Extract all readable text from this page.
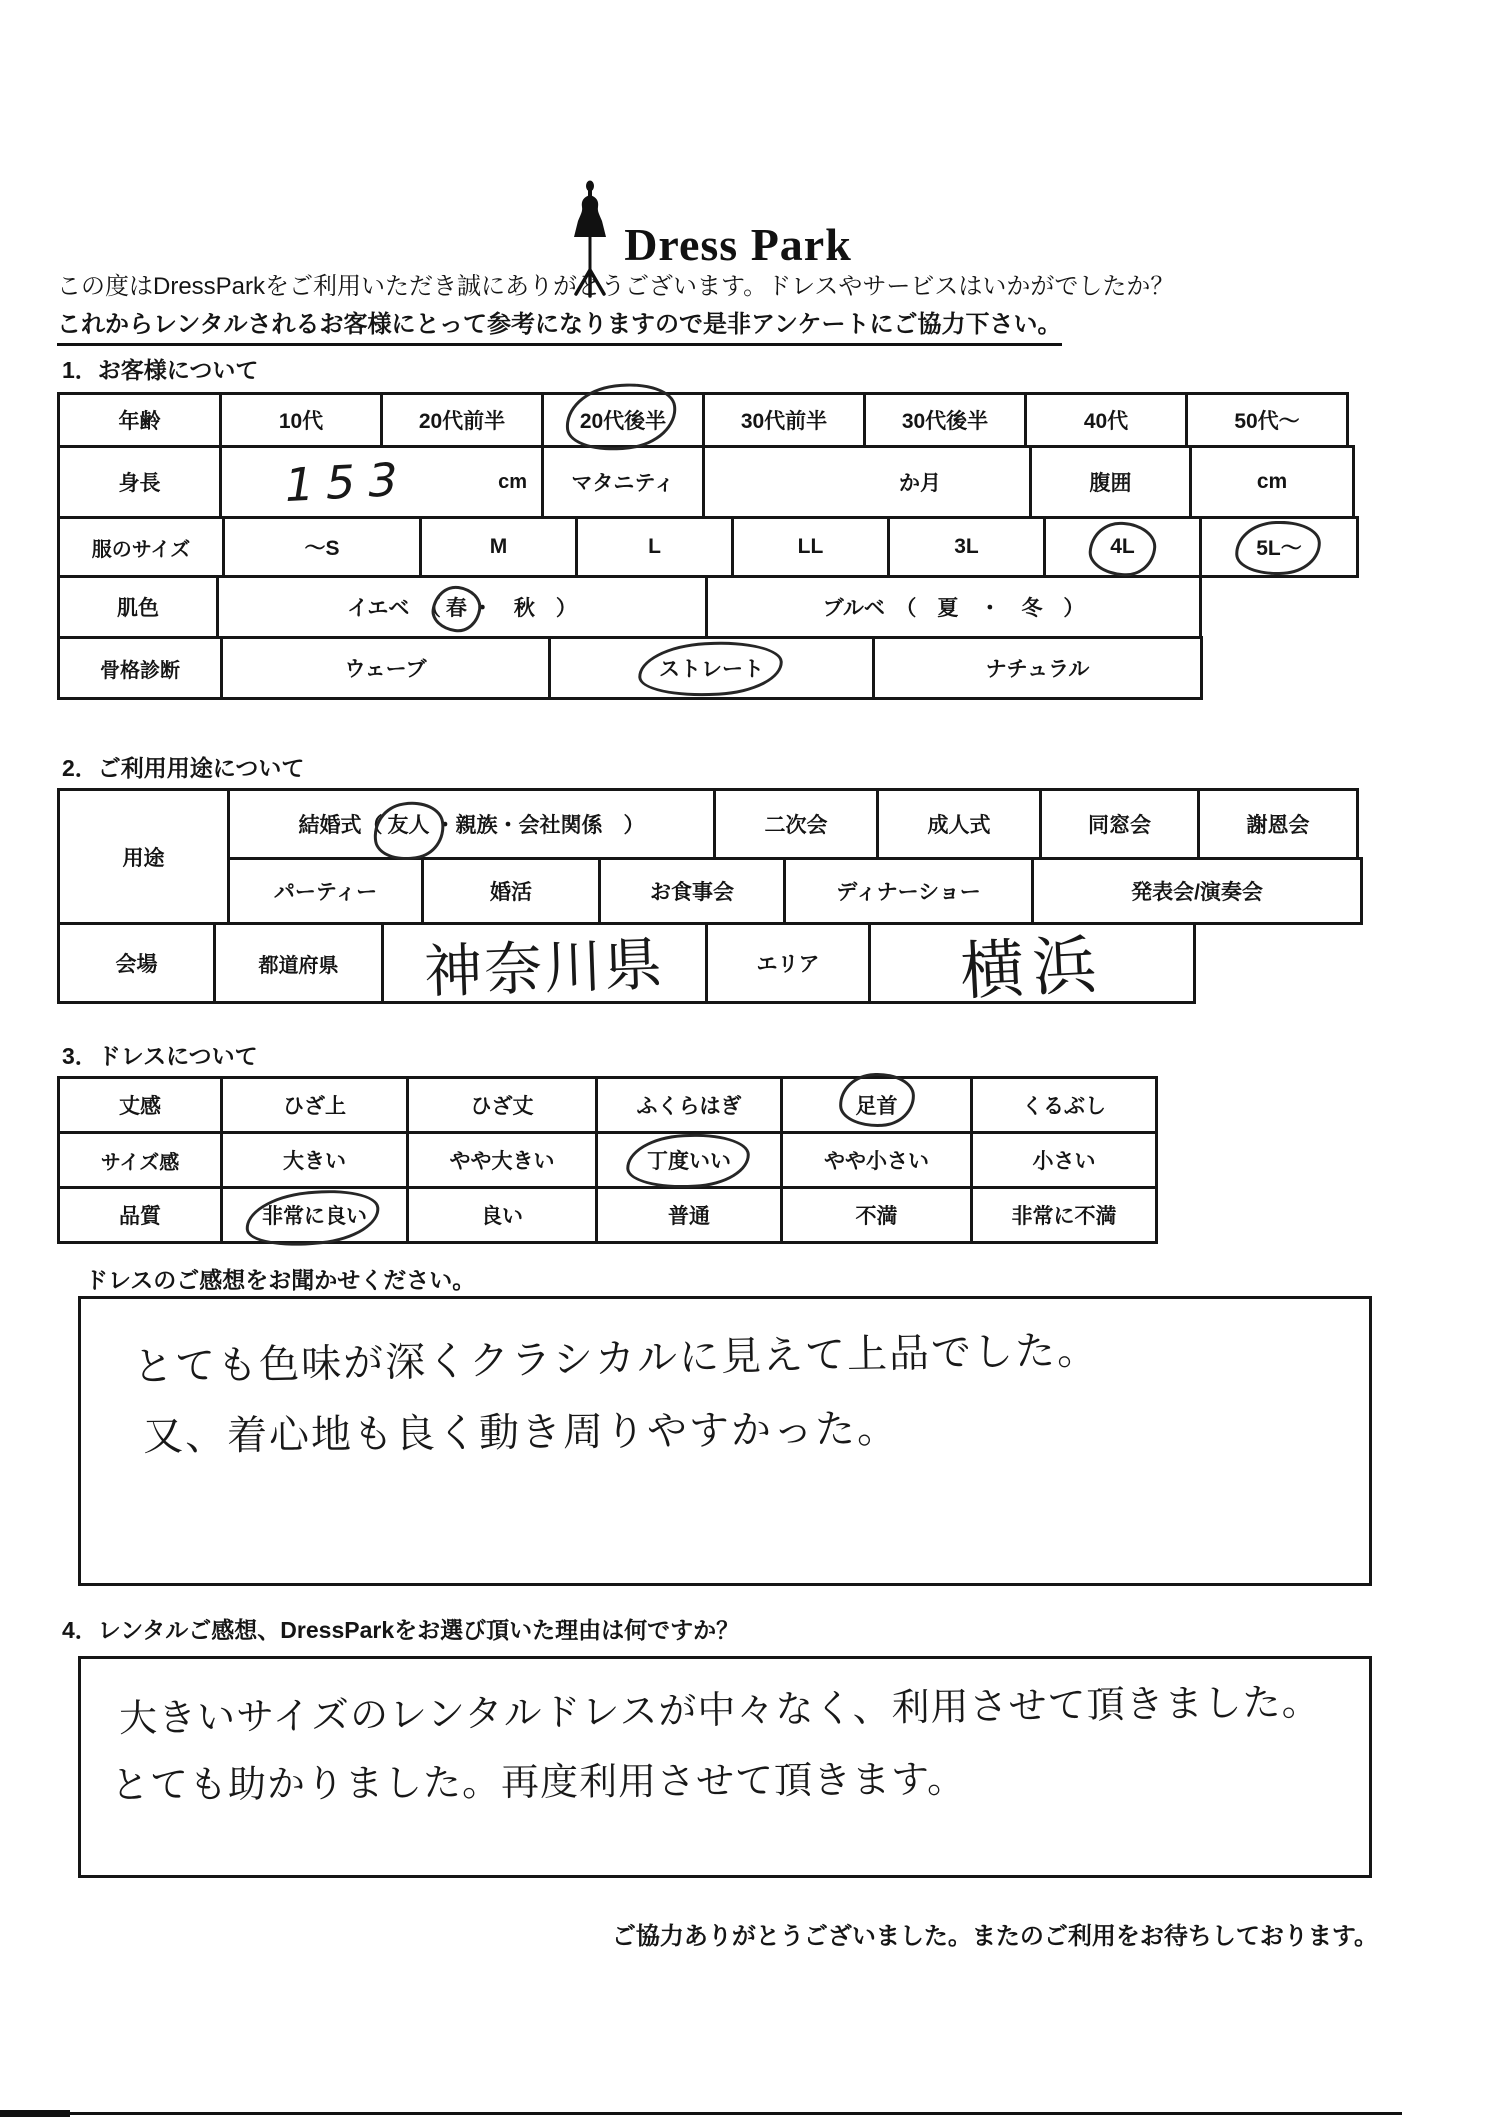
Dress Park
この度はDressParkをご利用いただき誠にありがとうございます。ドレスやサービスはいかがでしたか？
これからレンタルされるお客様にとって参考になりますので是非アンケートにご協力下さい。
1．お客様について
年齢	10代	20代前半	20代後半	30代前半	30代後半	40代	50代～
身長	153	cm マタニティ	か月	腹囲	cm
服のサイズ	～S	M	L	LL	3L	4L	5L～
肌色	イエベ　（ 春 ・　秋　）	ブルベ　（　夏　・　冬　）
骨格診断	ウェーブ	ストレート	ナチュラル
2．ご利用用途について
用途
結婚式（ 友人 ・親族・会社関係　）	二次会	成人式	同窓会	謝恩会
パーティー	婚活	お食事会	ディナーショー	発表会/演奏会
会場	都道府県 神奈川県	エリア 横浜
3．ドレスについて
丈感	ひざ上	ひざ丈	ふくらはぎ	足首	くるぶし
サイズ感	大きい	やや大きい	丁度いい	やや小さい	小さい
品質	非常に良い	良い	普通	不満	非常に不満
ドレスのご感想をお聞かせください。
とても色味が深くクラシカルに見えて上品でした。
又、着心地も良く動き周りやすかった。
4．レンタルご感想、DressParkをお選び頂いた理由は何ですか？
大きいサイズのレンタルドレスが中々なく、利用させて頂きました。
とても助かりました。再度利用させて頂きます。
ご協力ありがとうございました。またのご利用をお待ちしております。
